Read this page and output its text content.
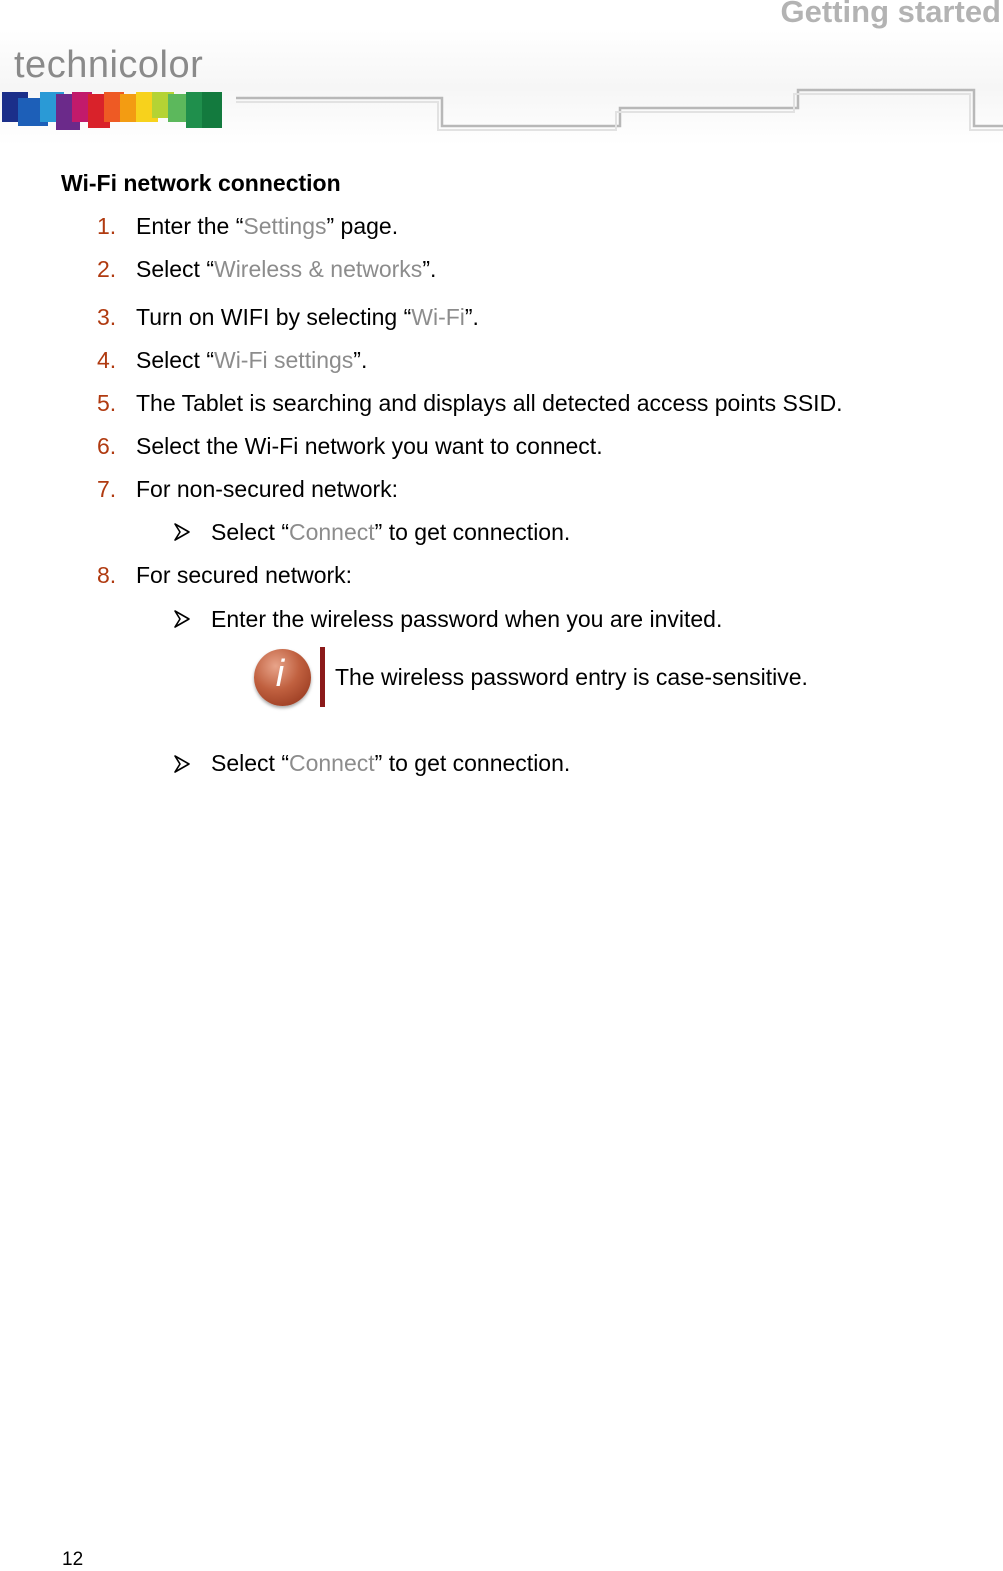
Getting started
technicolor
Wi-Fi network connection
1. Enter the “Settings” page.
2. Select “Wireless & networks”.
3. Turn on WIFI by selecting “Wi-Fi”.
4. Select “Wi-Fi settings”.
5. The Tablet is searching and displays all detected access points SSID.
6. Select the Wi-Fi network you want to connect.
7. For non-secured network:
Select “Connect” to get connection.
8. For secured network:
Enter the wireless password when you are invited.
i	The wireless password entry is case-sensitive.
Select “Connect” to get connection.
12
